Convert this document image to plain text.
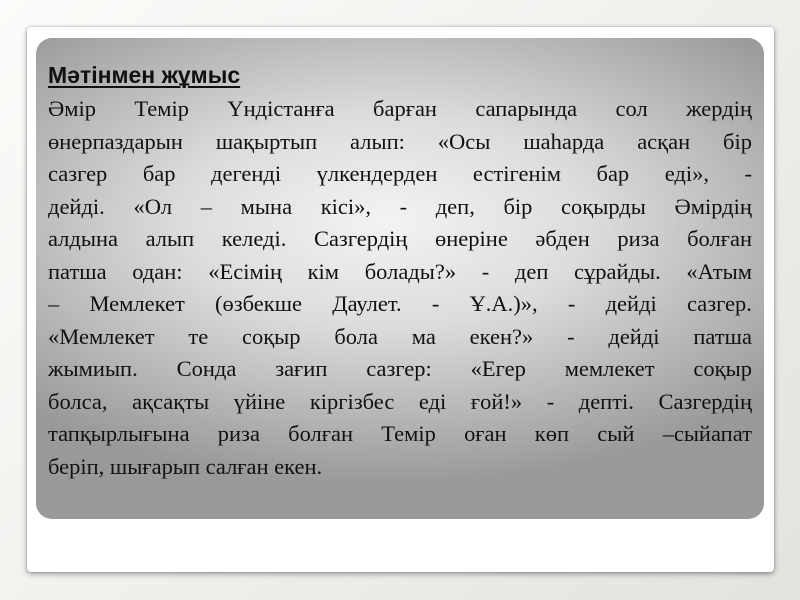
Мәтінмен жұмыс
Әмір Темір Үндістанға барған сапарында сол жердің
өнерпаздарын шақыртып алып: «Осы шаһарда асқан бір
сазгер бар дегенді үлкендерден естігенім бар еді», -
дейді. «Ол – мына кісі», - деп, бір соқырды Әмірдің
алдына алып келеді. Сазгердің өнеріне әбден риза болған
патша одан: «Есімің кім болады?» - деп сұрайды. «Атым
– Мемлекет (өзбекше Даулет. - Ұ.А.)», - дейді сазгер.
«Мемлекет те соқыр бола ма екен?» - дейді патша
жымиып. Сонда зағип сазгер: «Егер мемлекет соқыр
болса, ақсақты үйіне кіргізбес еді ғой!» - депті. Сазгердің
тапқырлығына риза болған Темір оған көп сый –сыйапат
беріп, шығарып салған екен.
